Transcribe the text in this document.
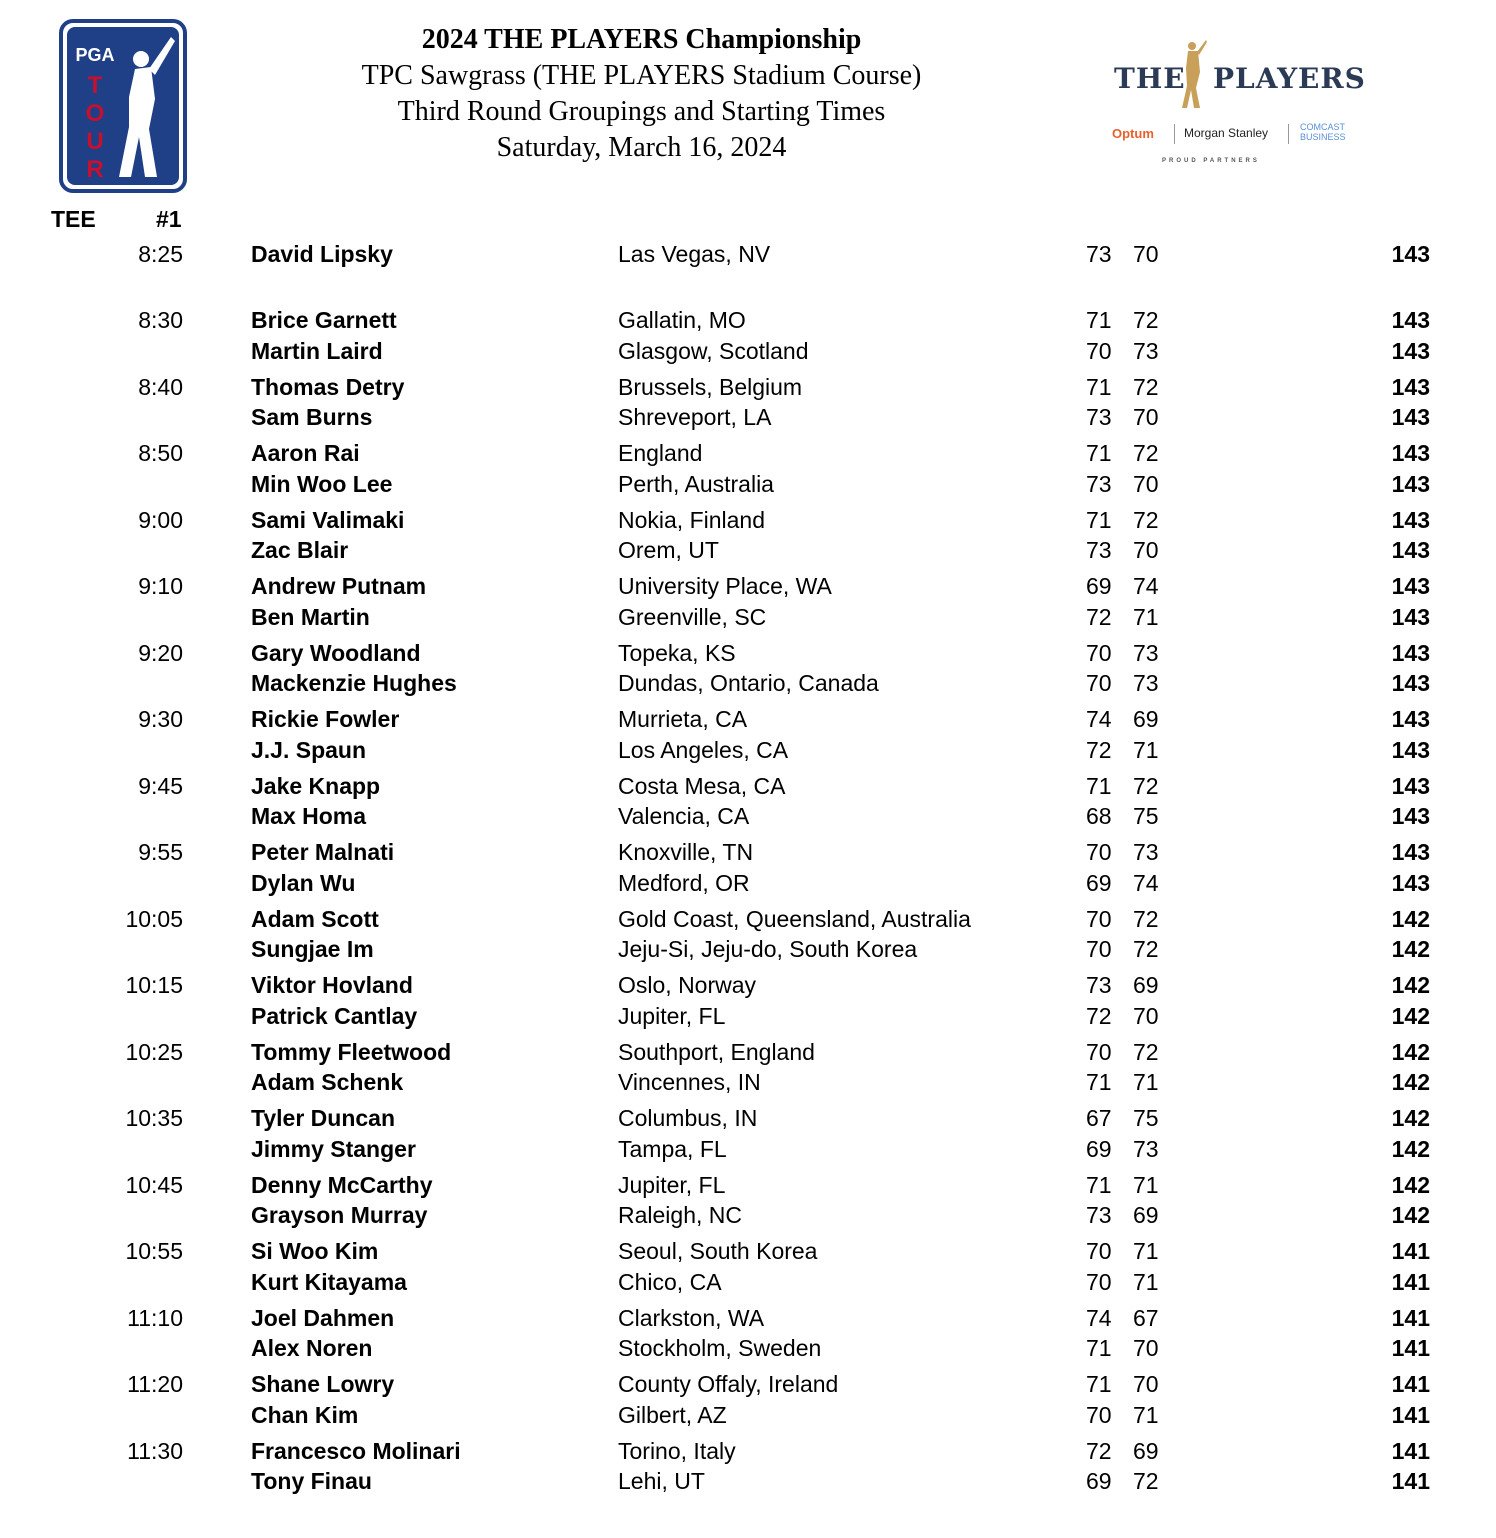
PGA
T
O
U
R
2024 THE PLAYERS Championship
TPC Sawgrass (THE PLAYERS Stadium Course)
Third Round Groupings and Starting Times
Saturday, March 16, 2024
THE PLAYERS
Optum	Morgan Stanley	COMCAST
BUSINESS
PROUD PARTNERS
TEE	#1
8:25	David Lipsky	Las Vegas, NV	73 70	143
8:30	Brice Garnett	Gallatin, MO	71 72	143
Martin Laird	Glasgow, Scotland	70 73	143
8:40	Thomas Detry	Brussels, Belgium	71 72	143
Sam Burns	Shreveport, LA	73 70	143
8:50	Aaron Rai	England	71 72	143
Min Woo Lee	Perth, Australia	73 70	143
9:00	Sami Valimaki	Nokia, Finland	71 72	143
Zac Blair	Orem, UT	73 70	143
9:10	Andrew Putnam	University Place, WA	69 74	143
Ben Martin	Greenville, SC	72 71	143
9:20	Gary Woodland	Topeka, KS	70 73	143
Mackenzie Hughes	Dundas, Ontario, Canada	70 73	143
9:30	Rickie Fowler	Murrieta, CA	74 69	143
J.J. Spaun	Los Angeles, CA	72 71	143
9:45	Jake Knapp	Costa Mesa, CA	71 72	143
Max Homa	Valencia, CA	68 75	143
9:55	Peter Malnati	Knoxville, TN	70 73	143
Dylan Wu	Medford, OR	69 74	143
10:05	Adam Scott	Gold Coast, Queensland, Australia	70 72	142
Sungjae Im	Jeju-Si, Jeju-do, South Korea	70 72	142
10:15	Viktor Hovland	Oslo, Norway	73 69	142
Patrick Cantlay	Jupiter, FL	72 70	142
10:25	Tommy Fleetwood	Southport, England	70 72	142
Adam Schenk	Vincennes, IN	71 71	142
10:35	Tyler Duncan	Columbus, IN	67 75	142
Jimmy Stanger	Tampa, FL	69 73	142
10:45	Denny McCarthy	Jupiter, FL	71 71	142
Grayson Murray	Raleigh, NC	73 69	142
10:55	Si Woo Kim	Seoul, South Korea	70 71	141
Kurt Kitayama	Chico, CA	70 71	141
11:10	Joel Dahmen	Clarkston, WA	74 67	141
Alex Noren	Stockholm, Sweden	71 70	141
11:20	Shane Lowry	County Offaly, Ireland	71 70	141
Chan Kim	Gilbert, AZ	70 71	141
11:30	Francesco Molinari	Torino, Italy	72 69	141
Tony Finau	Lehi, UT	69 72	141
